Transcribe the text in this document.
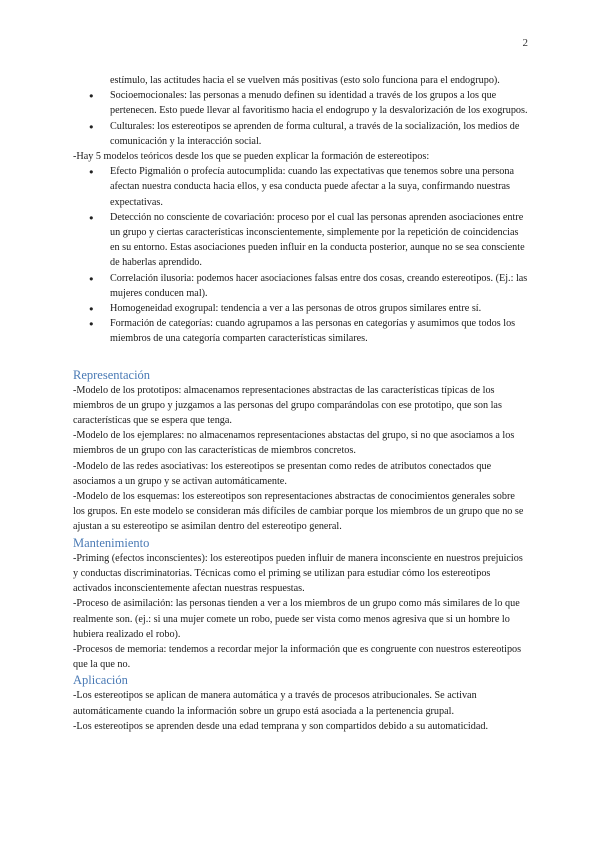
2

estímulo, las actitudes hacia el se vuelven más positivas (esto solo funciona para el endogrupo).

● Socioemocionales: las personas a menudo definen su identidad a través de los grupos a los que pertenecen. Esto puede llevar al favoritismo hacia el endogrupo y la desvalorización de los exogrupos.
● Culturales: los estereotipos se aprenden de forma cultural, a través de la socialización, los medios de comunicación y la interacción social.

-Hay 5 modelos teóricos desde los que se pueden explicar la formación de estereotipos:

● Efecto Pigmalión o profecía autocumplida: cuando las expectativas que tenemos sobre una persona afectan nuestra conducta hacia ellos, y esa conducta puede afectar a la suya, confirmando nuestras expectativas.
● Detección no consciente de covariación: proceso por el cual las personas aprenden asociaciones entre un grupo y ciertas características inconscientemente, simplemente por la repetición de coincidencias en su entorno. Estas asociaciones pueden influir en la conducta posterior, aunque no se sea consciente de haberlas aprendido.
● Correlación ilusoria: podemos hacer asociaciones falsas entre dos cosas, creando estereotipos. (Ej.: las mujeres conducen mal).
● Homogeneidad exogrupal: tendencia a ver a las personas de otros grupos similares entre sí.
● Formación de categorías: cuando agrupamos a las personas en categorías y asumimos que todos los miembros de una categoría comparten características similares.
Representación

-Modelo de los prototipos: almacenamos representaciones abstractas de las características típicas de los miembros de un grupo y juzgamos a las personas del grupo comparándolas con ese prototipo, que son las características que se espera que tenga.

-Modelo de los ejemplares: no almacenamos representaciones abstactas del grupo, si no que asociamos a los miembros de un grupo con las características de miembros concretos.

-Modelo de las redes asociativas: los estereotipos se presentan como redes de atributos conectados que asociamos a un grupo y se activan automáticamente.

-Modelo de los esquemas: los estereotipos son representaciones abstractas de conocimientos generales sobre los grupos. En este modelo se consideran más difíciles de cambiar porque los miembros de un grupo que no se ajustan a su estereotipo se asimilan dentro del estereotipo general.

Mantenimiento

-Priming (efectos inconscientes): los estereotipos pueden influir de manera inconsciente en nuestros prejuicios y conductas discriminatorias. Técnicas como el priming se utilizan para estudiar cómo los estereotipos activados inconscientemente afectan nuestras respuestas.

-Proceso de asimilación: las personas tienden a ver a los miembros de un grupo como más similares de lo que realmente son. (ej.: si una mujer comete un robo, puede ser vista como menos agresiva que si un hombre lo hubiera realizado el robo).

-Procesos de memoria: tendemos a recordar mejor la información que es congruente con nuestros estereotipos que la que no.

Aplicación

-Los estereotipos se aplican de manera automática y a través de procesos atribucionales. Se activan automáticamente cuando la información sobre un grupo está asociada a la pertenencia grupal.

-Los estereotipos se aprenden desde una edad temprana y son compartidos debido a su automaticidad.
